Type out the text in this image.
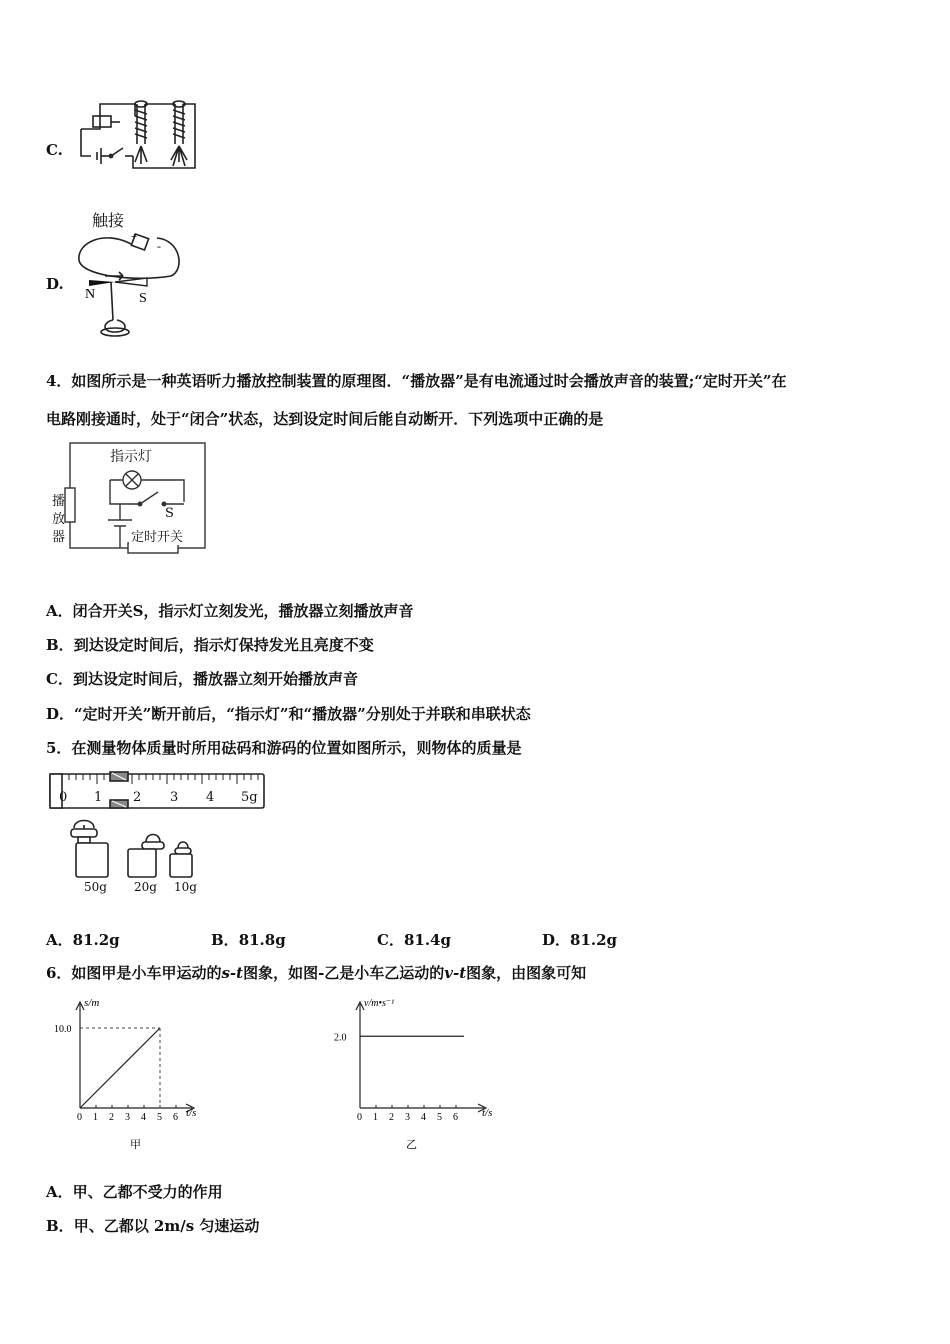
C.
D.
触接
+
-
N	S
4．如图所示是一种英语听力播放控制装置的原理图．“播放器”是有电流通过时会播放声音的装置;“定时开关”在
电路刚接通时，处于“闭合”状态，达到设定时间后能自动断开．下列选项中正确的是
指示灯
播
放
器
S
定时开关
A．闭合开关S，指示灯立刻发光，播放器立刻播放声音
B．到达设定时间后，指示灯保持发光且亮度不变
C．到达设定时间后，播放器立刻开始播放声音
D．“定时开关”断开前后，“指示灯”和“播放器”分别处于并联和串联状态
5．在测量物体质量时所用砝码和游码的位置如图所示，则物体的质量是
0 1 2 3 4 5g
50g 20g 10g
A．81.2g	B．81.8g	C．81.4g	D．81.2g
6．如图甲是小车甲运动的s-t图象，如图-乙是小车乙运动的v-t图象，由图象可知
0 1 2 3 4 5 6
10.0
s/m
t/s
甲
0 1 2 3 4 5 6
2.0
v/m•s⁻¹
t/s
乙
A．甲、乙都不受力的作用
B．甲、乙都以 2m/s 匀速运动
